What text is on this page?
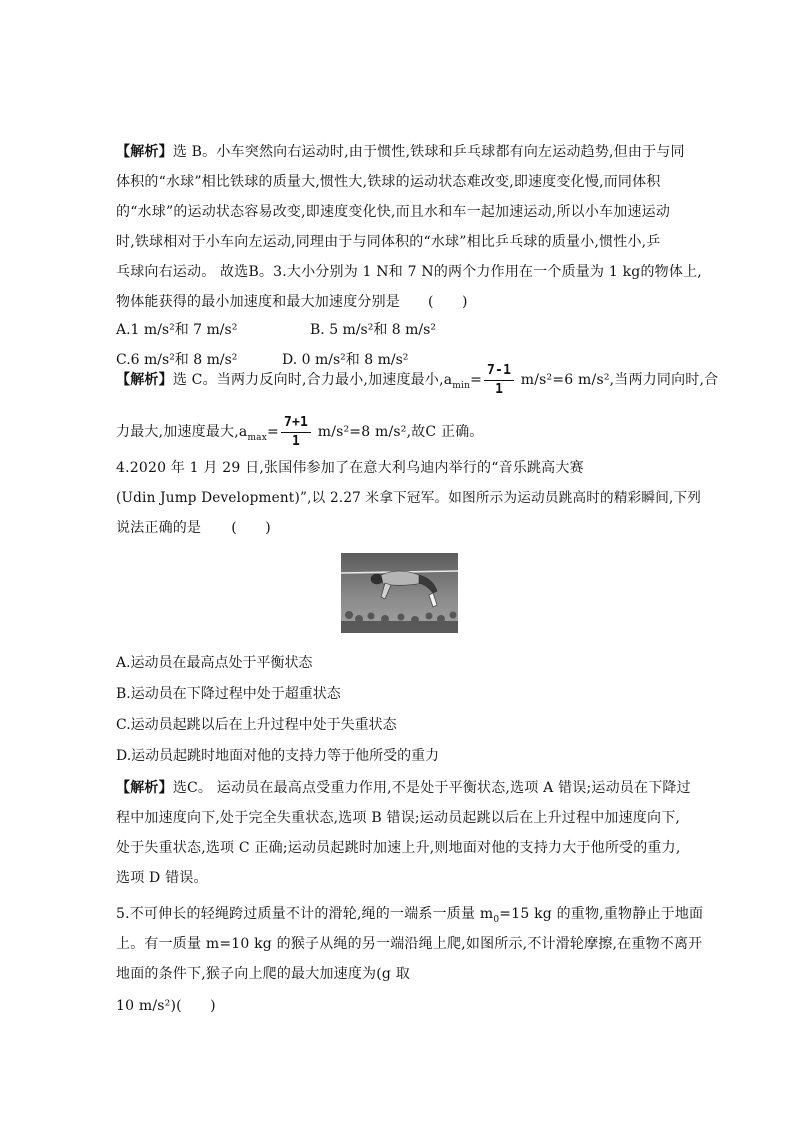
【解析】选 B。小车突然向右运动时,由于惯性,铁球和乒乓球都有向左运动趋势,但由于与同
体积的“水球”相比铁球的质量大,惯性大,铁球的运动状态难改变,即速度变化慢,而同体积
的“水球”的运动状态容易改变,即速度变化快,而且水和车一起加速运动,所以小车加速运动
时,铁球相对于小车向左运动,同理由于与同体积的“水球”相比乒乓球的质量小,惯性小,乒
乓球向右运动。 故选B。3.大小分别为 1 N和 7 N的两个力作用在一个质量为 1 kg的物体上,
物体能获得的最小加速度和最大加速度分别是 (　　)
A.1 m/s²和 7 m/s²	B. 5 m/s²和 8 m/s²
C.6 m/s²和 8 m/s²	D. 0 m/s²和 8 m/s²
【解析】选 C。当两力反向时,合力最小,加速度最小$,a_{min}= \frac{7-1}{1} m/s^2=6$ m/s²,当两力同向时,合
力最大,加速度最大$,a_{max}= \frac{7+1}{1} m/s^2=8$ m/s²,故C 正确。
4.2020 年 1 月 29 日,张国伟参加了在意大利乌迪内举行的“音乐跳高大赛
(Udin Jump Development)”,以 2.27 米拿下冠军。如图所示为运动员跳高时的精彩瞬间,下列
说法正确的是 (　　)
A.运动员在最高点处于平衡状态
B.运动员在下降过程中处于超重状态
C.运动员起跳以后在上升过程中处于失重状态
D.运动员起跳时地面对他的支持力等于他所受的重力
【解析】选C。 运动员在最高点受重力作用,不是处于平衡状态,选项 A 错误;运动员在下降过
程中加速度向下,处于完全失重状态,选项 B 错误;运动员起跳以后在上升过程中加速度向下,
处于失重状态,选项 C 正确;运动员起跳时加速上升,则地面对他的支持力大于他所受的重力,
选项 D 错误。
5.不可伸长的轻绳跨过质量不计的滑轮,绳的一端系一质量 $m_0=15$ kg 的重物,重物静止于地面
上。有一质量 m=10 kg 的猴子从绳的另一端沿绳上爬,如图所示,不计滑轮摩擦,在重物不离开
地面的条件下,猴子向上爬的最大加速度为(g 取
10 m/s²)(　　)
